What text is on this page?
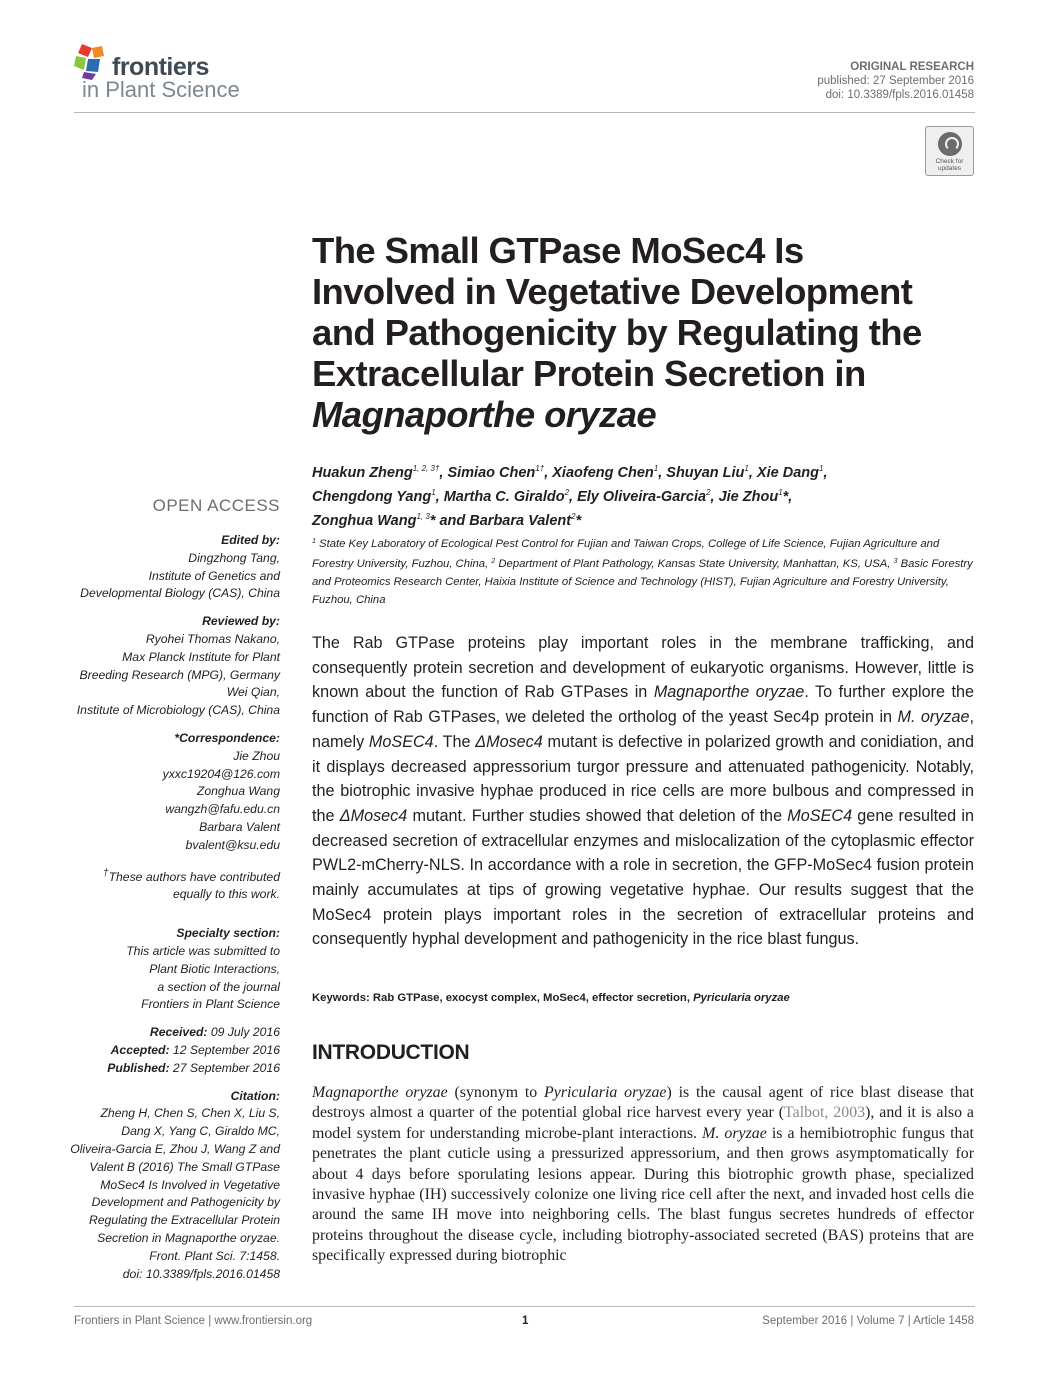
frontiers
in Plant Science
ORIGINAL RESEARCH
published: 27 September 2016
doi: 10.3389/fpls.2016.01458
Check for
updates
The Small GTPase MoSec4 Is
Involved in Vegetative Development
and Pathogenicity by Regulating the
Extracellular Protein Secretion in
Magnaporthe oryzae
Huakun Zheng$^{1, 2, 3\dagger}$, Simiao Chen$^{1\dagger}$, Xiaofeng Chen$^1$, Shuyan Liu$^1$, Xie Dang$^1$,
Chengdong Yang$^1$, Martha C. Giraldo$^2$, Ely Oliveira-Garcia$^2$, Jie Zhou$^1$*,
Zonghua Wang$^{1, 3}$* and Barbara Valent$^2$*
$^1$ State Key Laboratory of Ecological Pest Control for Fujian and Taiwan Crops, College of Life Science, Fujian Agriculture and Forestry University, Fuzhou, China, $^2$ Department of Plant Pathology, Kansas State University, Manhattan, KS, USA, $^3$ Basic Forestry and Proteomics Research Center, Haixia Institute of Science and Technology (HIST), Fujian Agriculture and Forestry University, Fuzhou, China
The Rab GTPase proteins play important roles in the membrane trafficking, and consequently protein secretion and development of eukaryotic organisms. However, little is known about the function of Rab GTPases in Magnaporthe oryzae. To further explore the function of Rab GTPases, we deleted the ortholog of the yeast Sec4p protein in M. oryzae, namely MoSEC4. The ΔMosec4 mutant is defective in polarized growth and conidiation, and it displays decreased appressorium turgor pressure and attenuated pathogenicity. Notably, the biotrophic invasive hyphae produced in rice cells are more bulbous and compressed in the ΔMosec4 mutant. Further studies showed that deletion of the MoSEC4 gene resulted in decreased secretion of extracellular enzymes and mislocalization of the cytoplasmic effector PWL2-mCherry-NLS. In accordance with a role in secretion, the GFP-MoSec4 fusion protein mainly accumulates at tips of growing vegetative hyphae. Our results suggest that the MoSec4 protein plays important roles in the secretion of extracellular proteins and consequently hyphal development and pathogenicity in the rice blast fungus.
Keywords: Rab GTPase, exocyst complex, MoSec4, effector secretion, Pyricularia oryzae
INTRODUCTION
Magnaporthe oryzae (synonym to Pyricularia oryzae) is the causal agent of rice blast disease that destroys almost a quarter of the potential global rice harvest every year (Talbot, 2003), and it is also a model system for understanding microbe-plant interactions. M. oryzae is a hemibiotrophic fungus that penetrates the plant cuticle using a pressurized appressorium, and then grows asymptomatically for about 4 days before sporulating lesions appear. During this biotrophic growth phase, specialized invasive hyphae (IH) successively colonize one living rice cell after the next, and invaded host cells die around the same IH move into neighboring cells. The blast fungus secretes hundreds of effector proteins throughout the disease cycle, including biotrophy-associated secreted (BAS) proteins that are specifically expressed during biotrophic
OPEN ACCESS
Edited by:
Dingzhong Tang,
Institute of Genetics and
Developmental Biology (CAS), China
Reviewed by:
Ryohei Thomas Nakano,
Max Planck Institute for Plant
Breeding Research (MPG), Germany
Wei Qian,
Institute of Microbiology (CAS), China
*Correspondence:
Jie Zhou
yxxc19204@126.com
Zonghua Wang
wangzh@fafu.edu.cn
Barbara Valent
bvalent@ksu.edu
†These authors have contributed
equally to this work.
Specialty section:
This article was submitted to
Plant Biotic Interactions,
a section of the journal
Frontiers in Plant Science
Received: 09 July 2016
Accepted: 12 September 2016
Published: 27 September 2016
Citation:
Zheng H, Chen S, Chen X, Liu S,
Dang X, Yang C, Giraldo MC,
Oliveira-Garcia E, Zhou J, Wang Z and
Valent B (2016) The Small GTPase
MoSec4 Is Involved in Vegetative
Development and Pathogenicity by
Regulating the Extracellular Protein
Secretion in Magnaporthe oryzae.
Front. Plant Sci. 7:1458.
doi: 10.3389/fpls.2016.01458
Frontiers in Plant Science | www.frontiersin.org	1	September 2016 | Volume 7 | Article 1458
